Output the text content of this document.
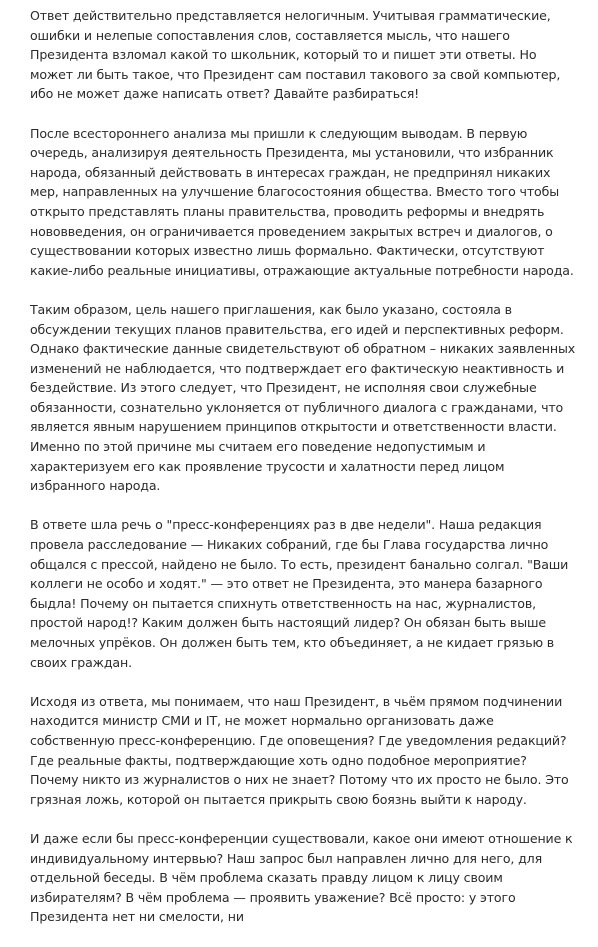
Ответ действительно представляется нелогичным. Учитывая грамматические, ошибки и нелепые сопоставления слов, составляется мысль, что нашего Президента взломал какой то школьник, который то и пишет эти ответы. Но может ли быть такое, что Президент сам поставил такового за свой компьютер, ибо не может даже написать ответ? Давайте разбираться!

После всестороннего анализа мы пришли к следующим выводам. В первую очередь, анализируя деятельность Президента, мы установили, что избранник народа, обязанный действовать в интересах граждан, не предпринял никаких мер, направленных на улучшение благосостояния общества. Вместо того чтобы открыто представлять планы правительства, проводить реформы и внедрять нововведения, он ограничивается проведением закрытых встреч и диалогов, о существовании которых известно лишь формально. Фактически, отсутствуют какие-либо реальные инициативы, отражающие актуальные потребности народа.

Таким образом, цель нашего приглашения, как было указано, состояла в обсуждении текущих планов правительства, его идей и перспективных реформ. Однако фактические данные свидетельствуют об обратном – никаких заявленных изменений не наблюдается, что подтверждает его фактическую неактивность и бездействие. Из этого следует, что Президент, не исполняя свои служебные обязанности, сознательно уклоняется от публичного диалога с гражданами, что является явным нарушением принципов открытости и ответственности власти. Именно по этой причине мы считаем его поведение недопустимым и характеризуем его как проявление трусости и халатности перед лицом избранного народа.

В ответе шла речь о "пресс-конференциях раз в две недели". Наша редакция провела расследование — Никаких собраний, где бы Глава государства лично общался с прессой, найдено не было. То есть, президент банально солгал. "Ваши коллеги не особо и ходят." — это ответ не Президента, это манера базарного быдла! Почему он пытается спихнуть ответственность на нас, журналистов, простой народ!? Каким должен быть настоящий лидер? Он обязан быть выше мелочных упрёков. Он должен быть тем, кто объединяет, а не кидает грязью в своих граждан.

Исходя из ответа, мы понимаем, что наш Президент, в чьём прямом подчинении находится министр СМИ и IT, не может нормально организовать даже собственную пресс-конференцию. Где оповещения? Где уведомления редакций? Где реальные факты, подтверждающие хоть одно подобное мероприятие? Почему никто из журналистов о них не знает? Потому что их просто не было. Это грязная ложь, которой он пытается прикрыть свою боязнь выйти к народу.

И даже если бы пресс-конференции существовали, какое они имеют отношение к индивидуальному интервью? Наш запрос был направлен лично для него, для отдельной беседы. В чём проблема сказать правду лицом к лицу своим избирателям? В чём проблема — проявить уважение? Всё просто: у этого Президента нет ни смелости, ни
